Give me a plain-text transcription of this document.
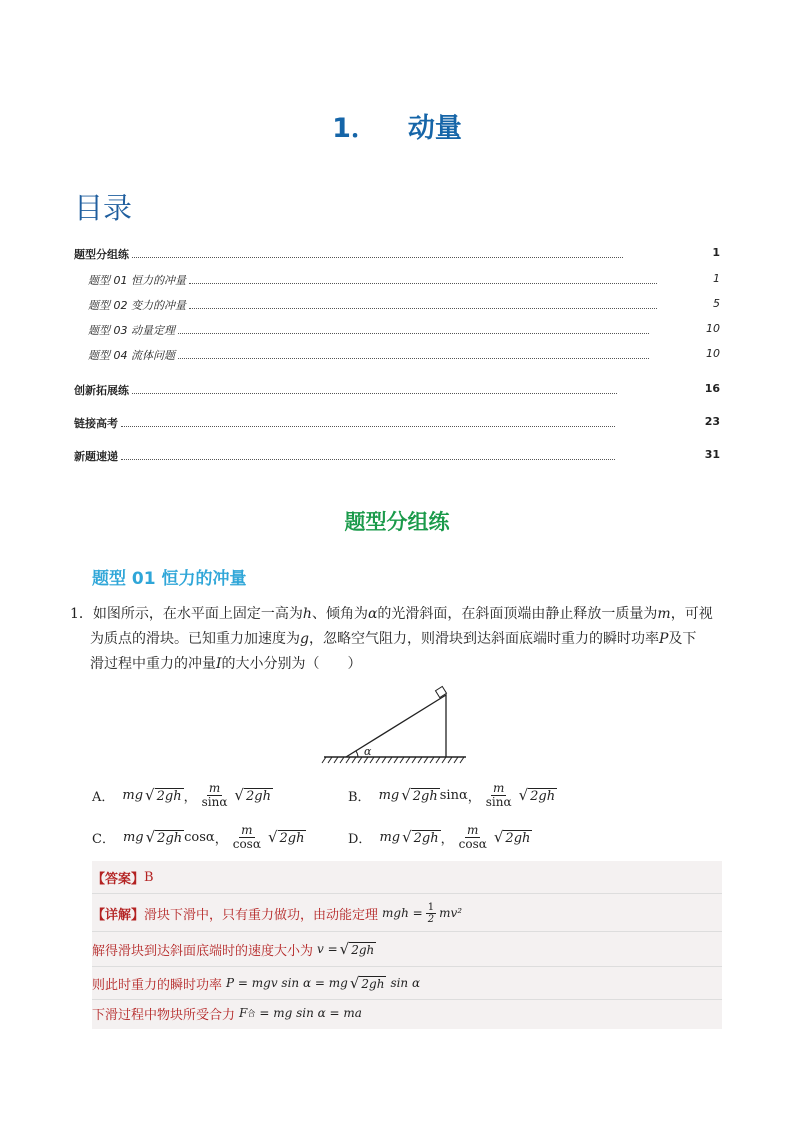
1． 动量
目录
题型分组练	1
题型 01 恒力的冲量	1
题型 02 变力的冲量	5
题型 03 动量定理	10
题型 04 流体问题	10
创新拓展练	16
链接高考	23
新题速递	31
题型分组练
题型 01 恒力的冲量
1．如图所示，在水平面上固定一高为h、倾角为α的光滑斜面，在斜面顶端由静止释放一质量为m，可视
为质点的滑块。已知重力加速度为g，忽略空气阻力，则滑块到达斜面底端时重力的瞬时功率P及下
滑过程中重力的冲量I的大小分别为（　　）
α
A． mg √ 2gh ， $\frac{m}{\sin\alpha}$ √ 2gh	B． mg √ 2gh sinα ， $\frac{m}{\sin\alpha}$ √ 2gh
C． mg √ 2gh cosα ， $\frac{m}{\cos\alpha}$ √ 2gh	D． mg √ 2gh ， $\frac{m}{\cos\alpha}$ √ 2gh
【答案】 B
【详解】 滑块下滑中，只有重力做功，由动能定理 mgh = $\frac{1}{2} mv^2$
解得滑块到达斜面底端时的速度大小为 v = √ 2gh
则此时重力的瞬时功率 P = mgv sin α = mg √ 2gh sin α
下滑过程中物块所受合力 F 合 = mg sin α = ma
